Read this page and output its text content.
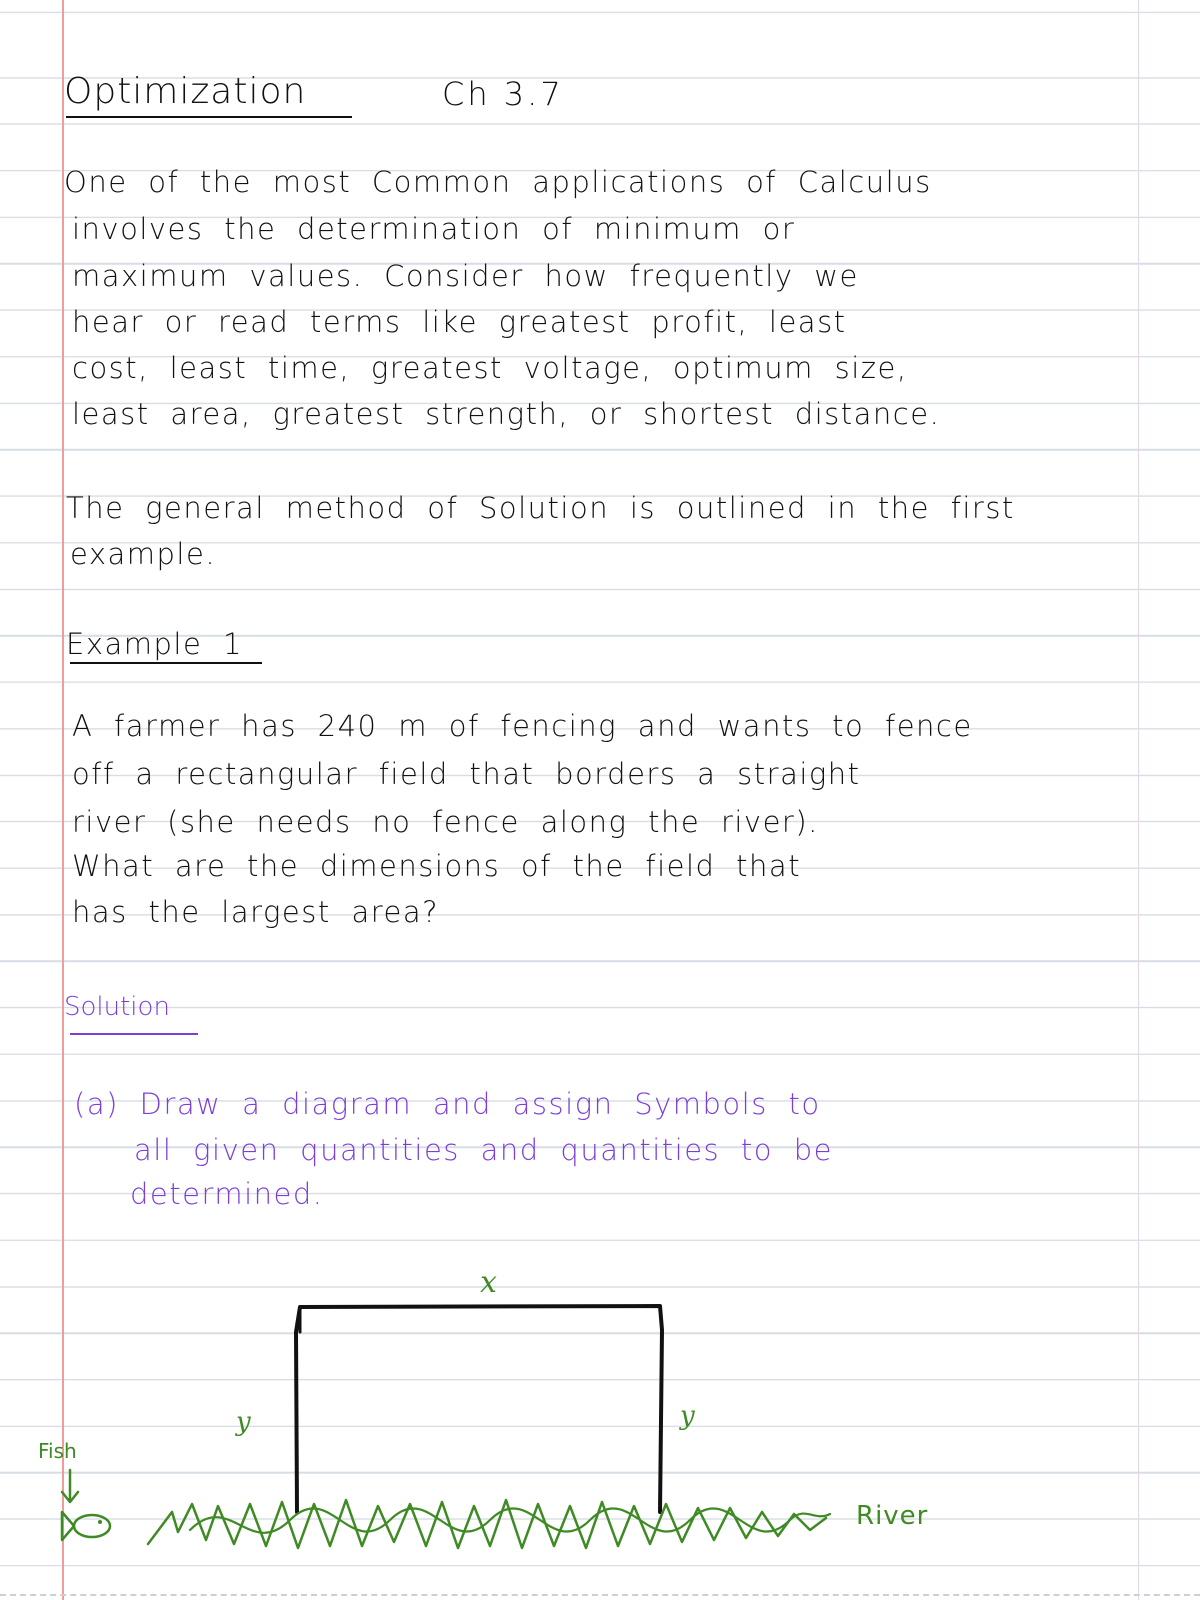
Optimization	Ch 3.7

One of the most Common applications of Calculus

involves the determination of minimum or

maximum values. Consider how frequently we

hear or read terms like greatest profit, least

cost, least time, greatest voltage, optimum size,

least area, greatest strength, or shortest distance.

The general method of Solution is outlined in the first

example.

Example 1

A farmer has 240 m of fencing and wants to fence

off a rectangular field that borders a straight

river (she needs no fence along the river).

What are the dimensions of the field that

has the largest area?

Solution

(a) Draw a diagram and assign Symbols to

all given quantities and quantities to be

determined.

x
y	y
River
Fish
